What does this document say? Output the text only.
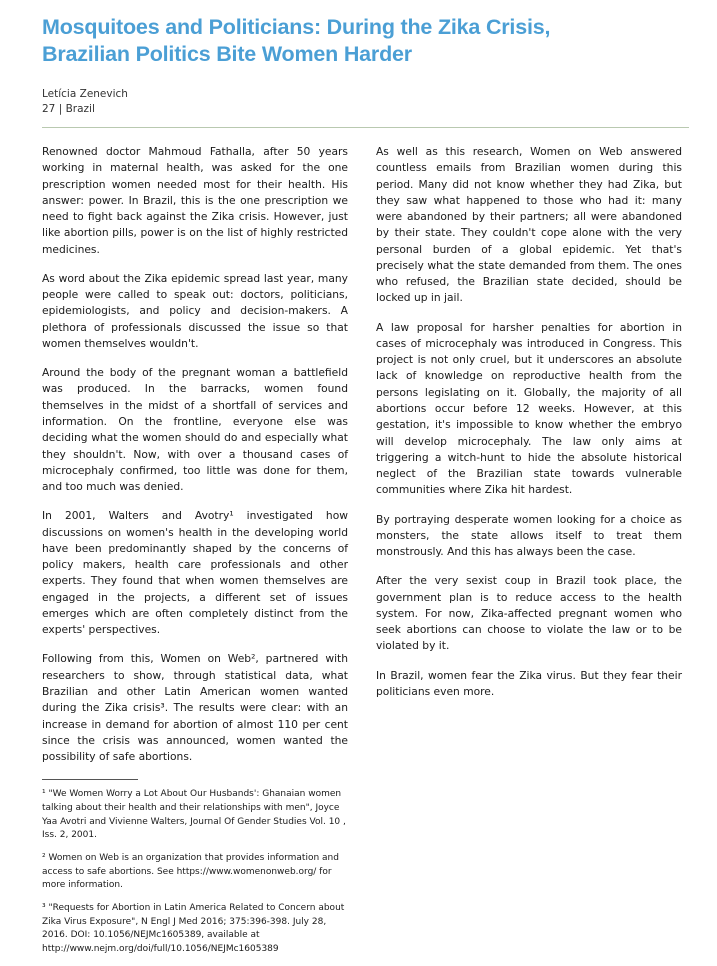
Mosquitoes and Politicians: During the Zika Crisis, Brazilian Politics Bite Women Harder
Letícia Zenevich
27 | Brazil

Renowned doctor Mahmoud Fathalla, after 50 years working in maternal health, was asked for the one prescription women needed most for their health. His answer: power. In Brazil, this is the one prescription we need to fight back against the Zika crisis. However, just like abortion pills, power is on the list of highly restricted medicines.

As word about the Zika epidemic spread last year, many people were called to speak out: doctors, politicians, epidemiologists, and policy and decision-makers. A plethora of professionals discussed the issue so that women themselves wouldn't.

Around the body of the pregnant woman a battlefield was produced. In the barracks, women found themselves in the midst of a shortfall of services and information. On the frontline, everyone else was deciding what the women should do and especially what they shouldn't. Now, with over a thousand cases of microcephaly confirmed, too little was done for them, and too much was denied.

In 2001, Walters and Avotry¹ investigated how discussions on women's health in the developing world have been predominantly shaped by the concerns of policy makers, health care professionals and other experts. They found that when women themselves are engaged in the projects, a different set of issues emerges which are often completely distinct from the experts' perspectives.

Following from this, Women on Web², partnered with researchers to show, through statistical data, what Brazilian and other Latin American women wanted during the Zika crisis³. The results were clear: with an increase in demand for abortion of almost 110 per cent since the crisis was announced, women wanted the possibility of safe abortions.

¹ "We Women Worry a Lot About Our Husbands': Ghanaian women talking about their health and their relationships with men", Joyce Yaa Avotri and Vivienne Walters, Journal Of Gender Studies Vol. 10 , Iss. 2, 2001.

² Women on Web is an organization that provides information and access to safe abortions. See https://www.womenonweb.org/ for more information.

³ "Requests for Abortion in Latin America Related to Concern about Zika Virus Exposure", N Engl J Med 2016; 375:396-398. July 28, 2016. DOI: 10.1056/NEJMc1605389, available at http://www.nejm.org/doi/full/10.1056/NEJMc1605389

As well as this research, Women on Web answered countless emails from Brazilian women during this period. Many did not know whether they had Zika, but they saw what happened to those who had it: many were abandoned by their partners; all were abandoned by their state. They couldn't cope alone with the very personal burden of a global epidemic. Yet that's precisely what the state demanded from them. The ones who refused, the Brazilian state decided, should be locked up in jail.

A law proposal for harsher penalties for abortion in cases of microcephaly was introduced in Congress. This project is not only cruel, but it underscores an absolute lack of knowledge on reproductive health from the persons legislating on it. Globally, the majority of all abortions occur before 12 weeks. However, at this gestation, it's impossible to know whether the embryo will develop microcephaly. The law only aims at triggering a witch-hunt to hide the absolute historical neglect of the Brazilian state towards vulnerable communities where Zika hit hardest.

By portraying desperate women looking for a choice as monsters, the state allows itself to treat them monstrously. And this has always been the case.

After the very sexist coup in Brazil took place, the government plan is to reduce access to the health system. For now, Zika-affected pregnant women who seek abortions can choose to violate the law or to be violated by it.

In Brazil, women fear the Zika virus. But they fear their politicians even more.
